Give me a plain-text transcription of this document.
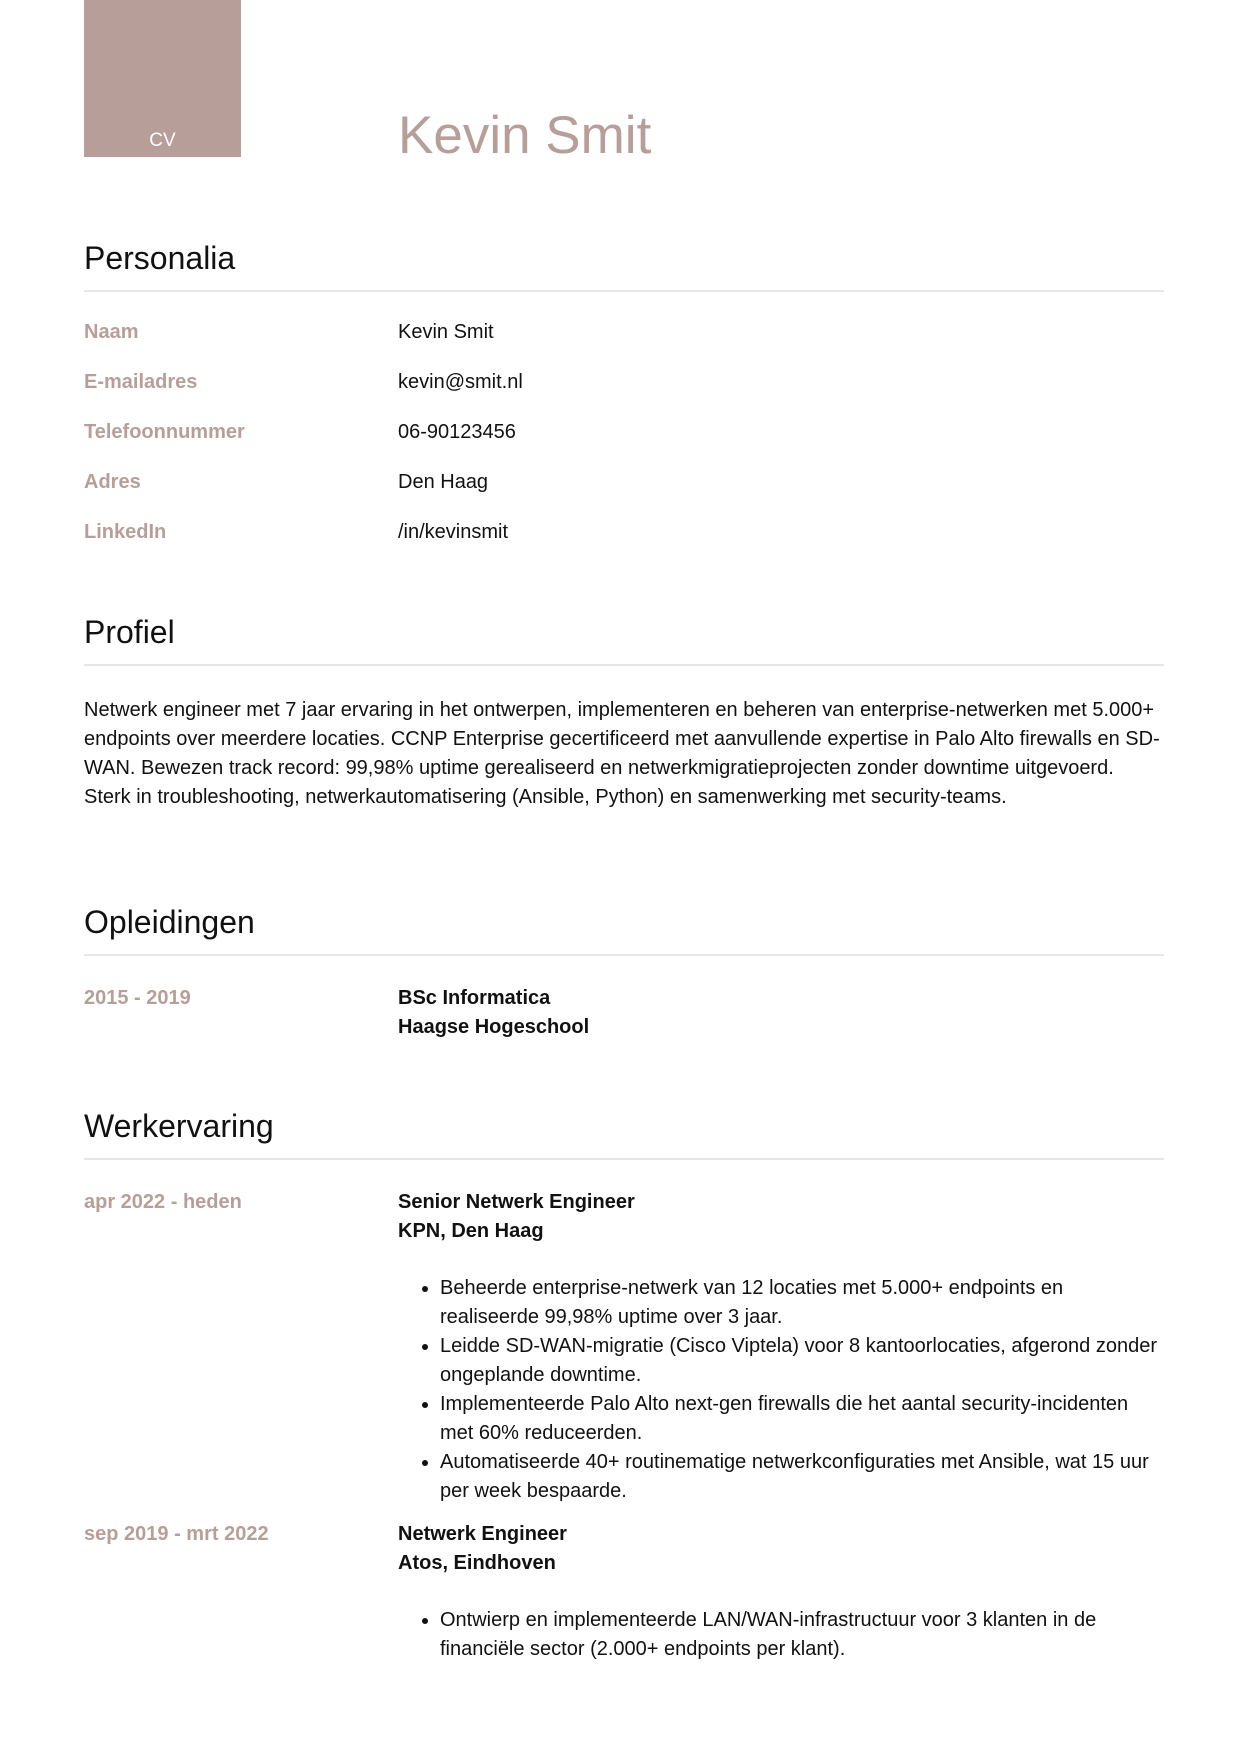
CV	Kevin Smit
Personalia
Naam	Kevin Smit
E-mailadres	kevin@smit.nl
Telefoonnummer	06-90123456
Adres	Den Haag
LinkedIn	/in/kevinsmit
Profiel

Netwerk engineer met 7 jaar ervaring in het ontwerpen, implementeren en beheren van enterprise-netwerken met 5.000+ endpoints over meerdere locaties. CCNP Enterprise gecertificeerd met aanvullende expertise in Palo Alto firewalls en SD-WAN. Bewezen track record: 99,98% uptime gerealiseerd en netwerkmigratieprojecten zonder downtime uitgevoerd. Sterk in troubleshooting, netwerkautomatisering (Ansible, Python) en samenwerking met security-teams.

Opleidingen
2015 - 2019	BSc Informatica
Haagse Hogeschool
Werkervaring
apr 2022 - heden	Senior Netwerk Engineer
KPN, Den Haag
• Beheerde enterprise-netwerk van 12 locaties met 5.000+ endpoints en realiseerde 99,98% uptime over 3 jaar.
• Leidde SD-WAN-migratie (Cisco Viptela) voor 8 kantoorlocaties, afgerond zonder ongeplande downtime.
• Implementeerde Palo Alto next-gen firewalls die het aantal security-incidenten met 60% reduceerden.
• Automatiseerde 40+ routinematige netwerkconfiguraties met Ansible, wat 15 uur per week bespaarde.
sep 2019 - mrt 2022	Netwerk Engineer
Atos, Eindhoven
• Ontwierp en implementeerde LAN/WAN-infrastructuur voor 3 klanten in de financiële sector (2.000+ endpoints per klant).
